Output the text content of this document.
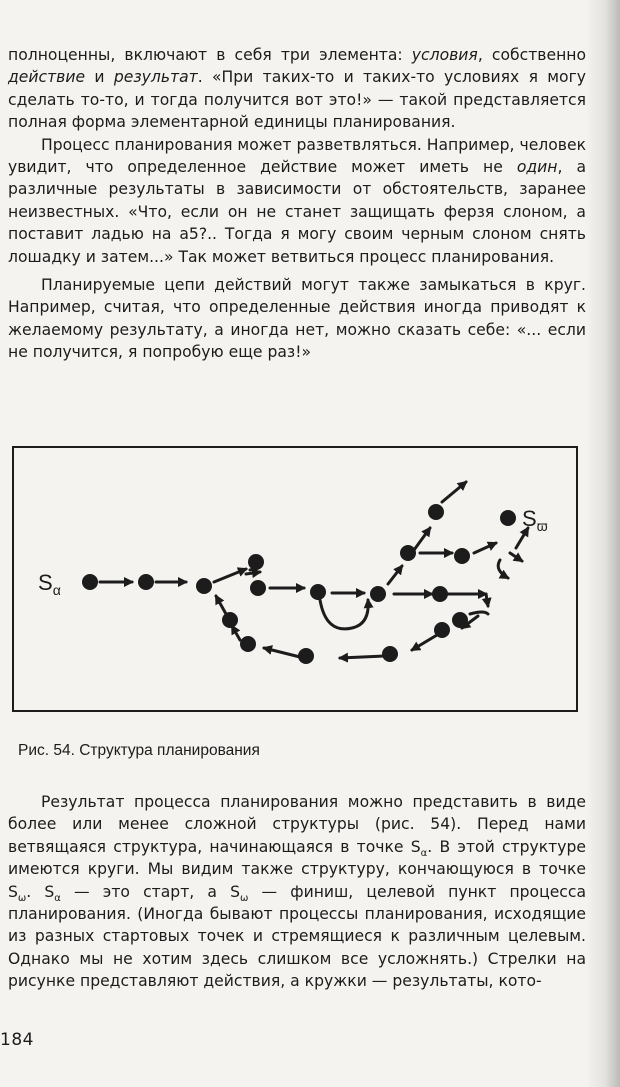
полноценны, включают в себя три элемента: условия, собственно действие и результат. «При таких-то и таких-то условиях я могу сделать то-то, и тогда получится вот это!» — такой представляется полная форма элементарной единицы планирования.

Процесс планирования может разветвляться. Например, человек увидит, что определенное действие может иметь не один, а различные результаты в зависимости от обстоятельств, заранее неизвестных. «Что, если он не станет защищать ферзя слоном, а поставит ладью на а5?.. Тогда я могу своим черным слоном снять лошадку и затем...» Так может ветвиться процесс планирования.

Планируемые цепи действий могут также замыкаться в круг. Например, считая, что определенные действия иногда приводят к желаемому результату, а иногда нет, можно сказать себе: «... если не получится, я попробую еще раз!»

$S_\alpha$
$S_ϖ$
Рис. 54. Структура планирования

Результат процесса планирования можно представить в виде более или менее сложной структуры (рис. 54). Перед нами ветвящаяся структура, начинающаяся в точке $S_\alpha$. В этой структуре имеются круги. Мы видим также структуру, кончающуюся в точке $S_\omega$. $S_\alpha$ — это старт, а $S_\omega$ — финиш, целевой пункт процесса планирования. (Иногда бывают процессы планирования, исходящие из разных стартовых точек и стремящиеся к различным целевым. Однако мы не хотим здесь слишком все усложнять.) Стрелки на рисунке представляют действия, а кружки — результаты, кото-

184
